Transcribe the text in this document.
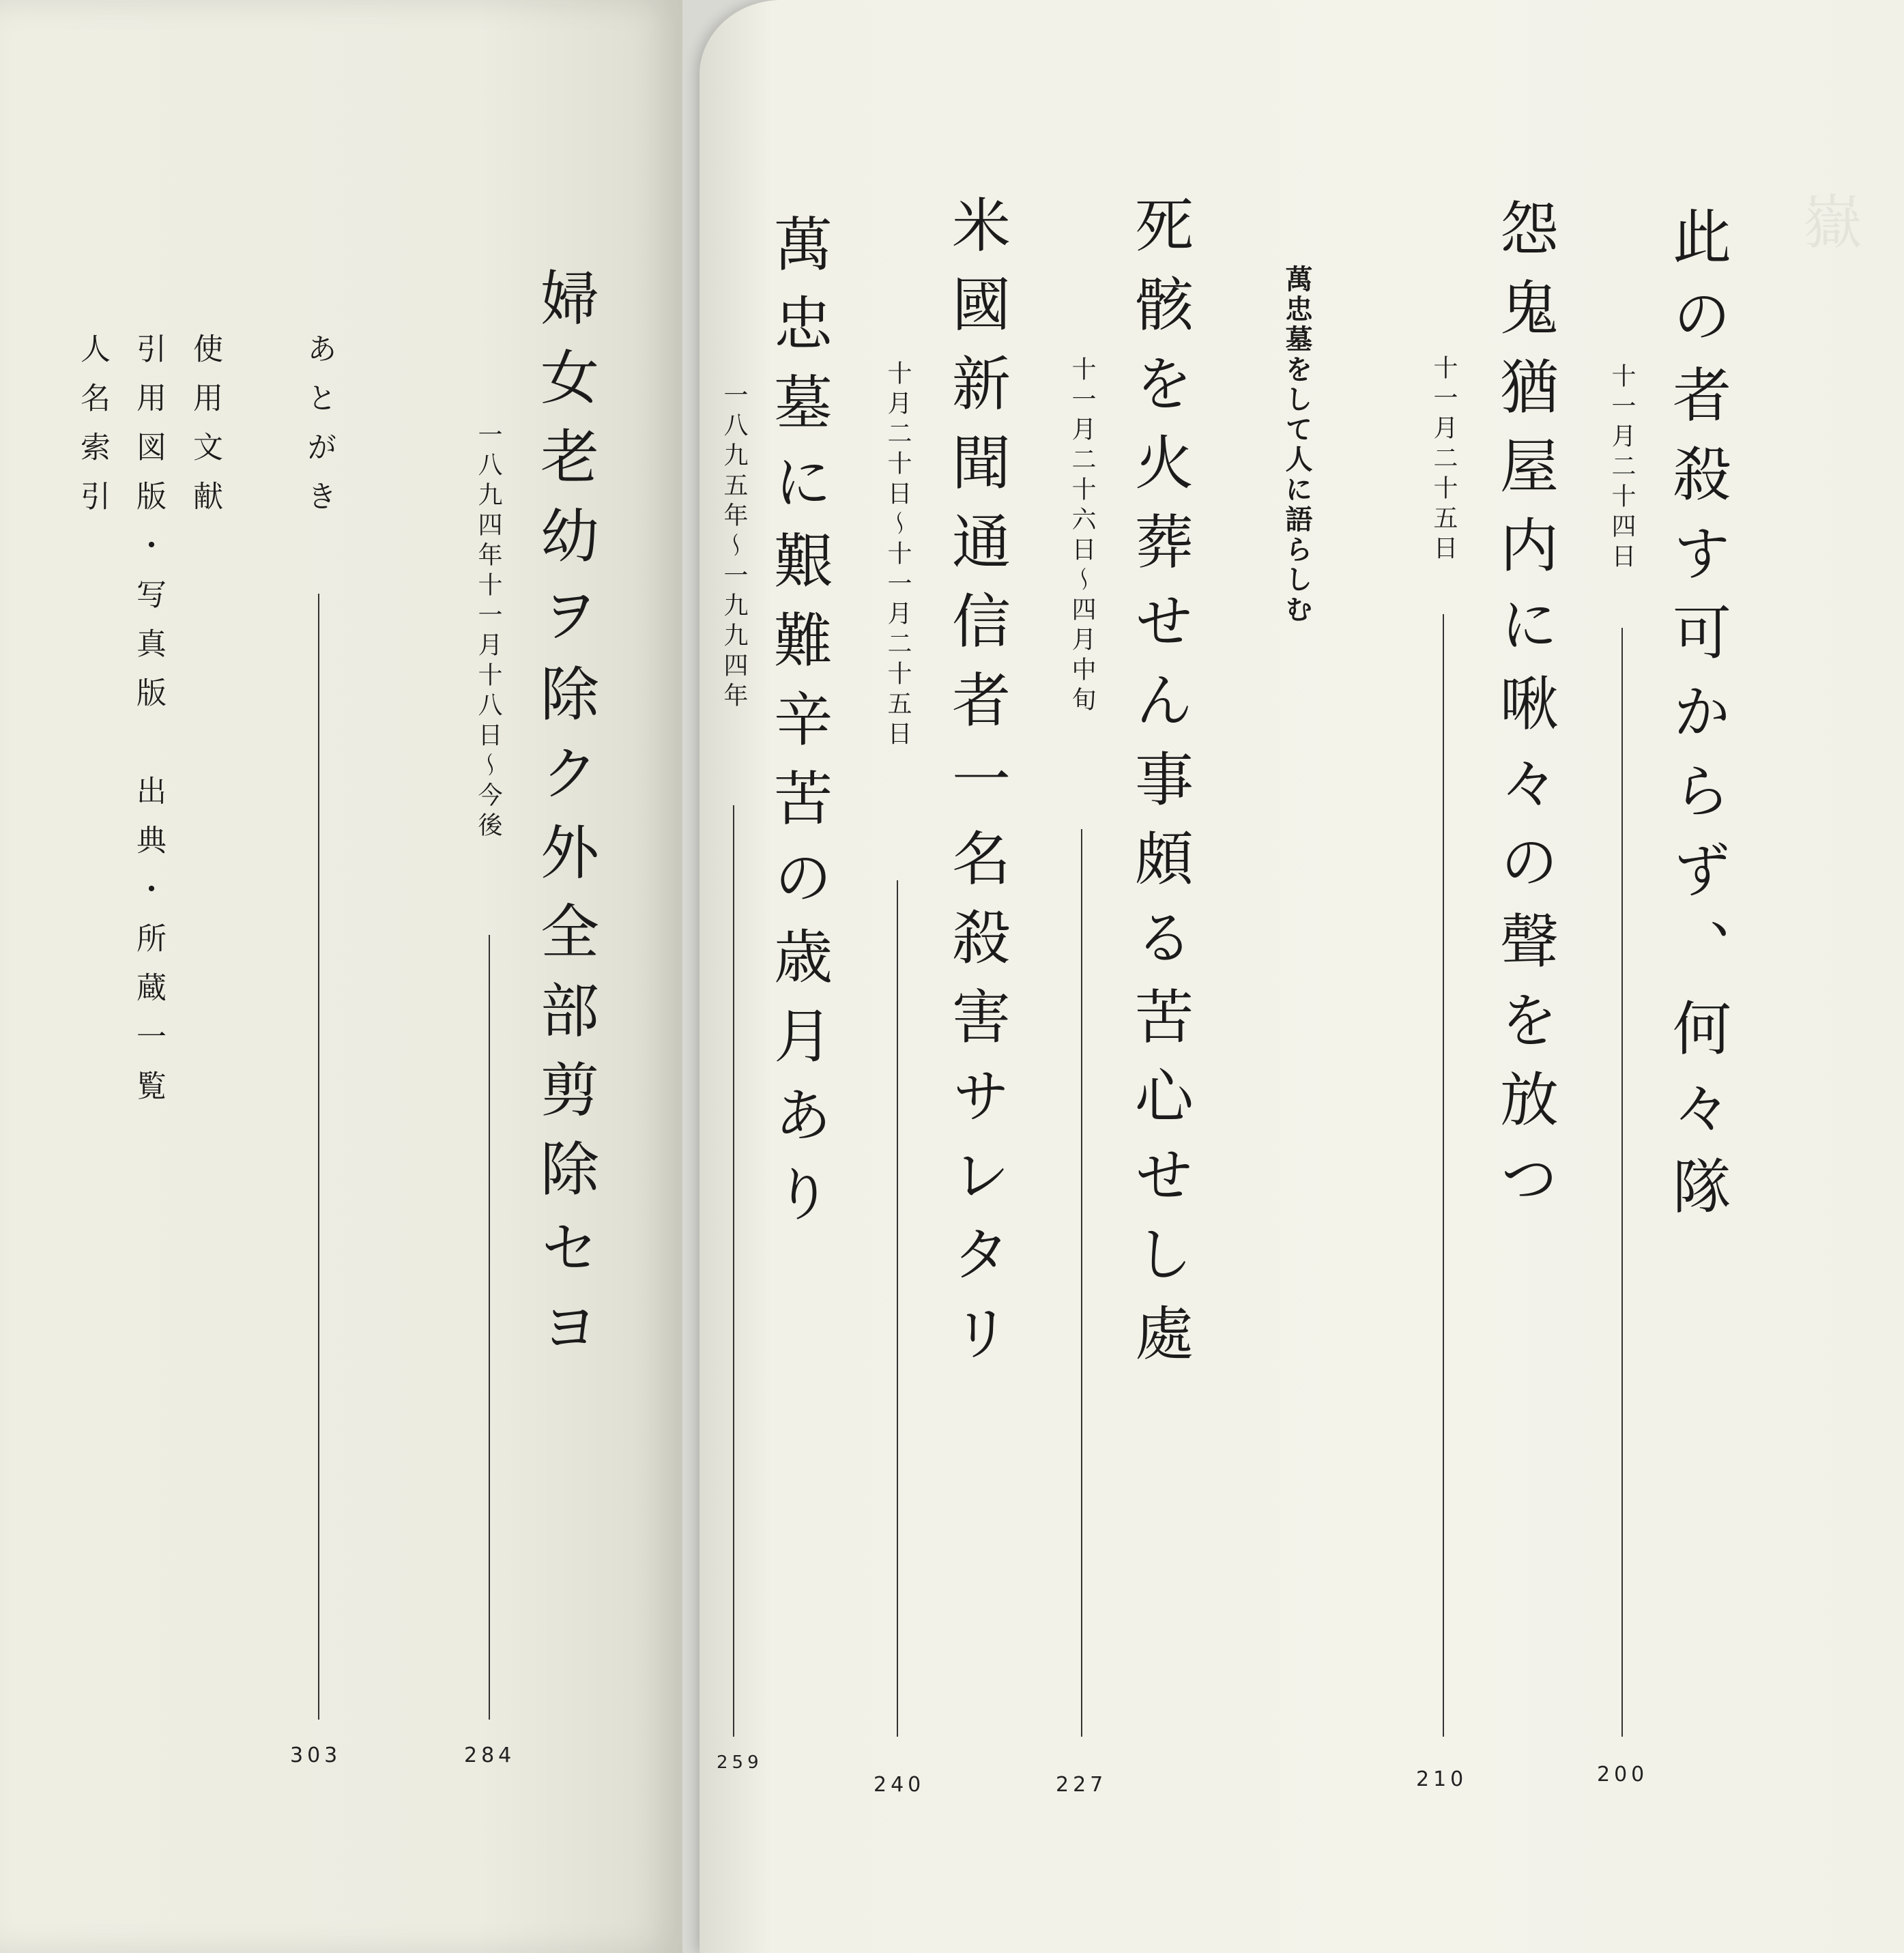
嶽　　　　
此の者殺す可からず、何々隊
十一月二十四日
200
怨鬼猶屋内に啾々の聲を放つ
十一月二十五日
210
萬忠墓をして人に語らしむ
死骸を火葬せん事頗る苦心せし處
十一月二十六日～四月中旬
227
米國新聞通信者一名殺害サレタリ
十月二十日～十一月二十五日
240
萬忠墓に艱難辛苦の歳月あり
一八九五年～一九九四年
259
婦女老幼ヲ除ク外全部剪除セヨ
一八九四年十一月十八日～今後
284
あとがき
303
使用文献
引用図版・写真版　出典・所蔵一覧
人名索引
